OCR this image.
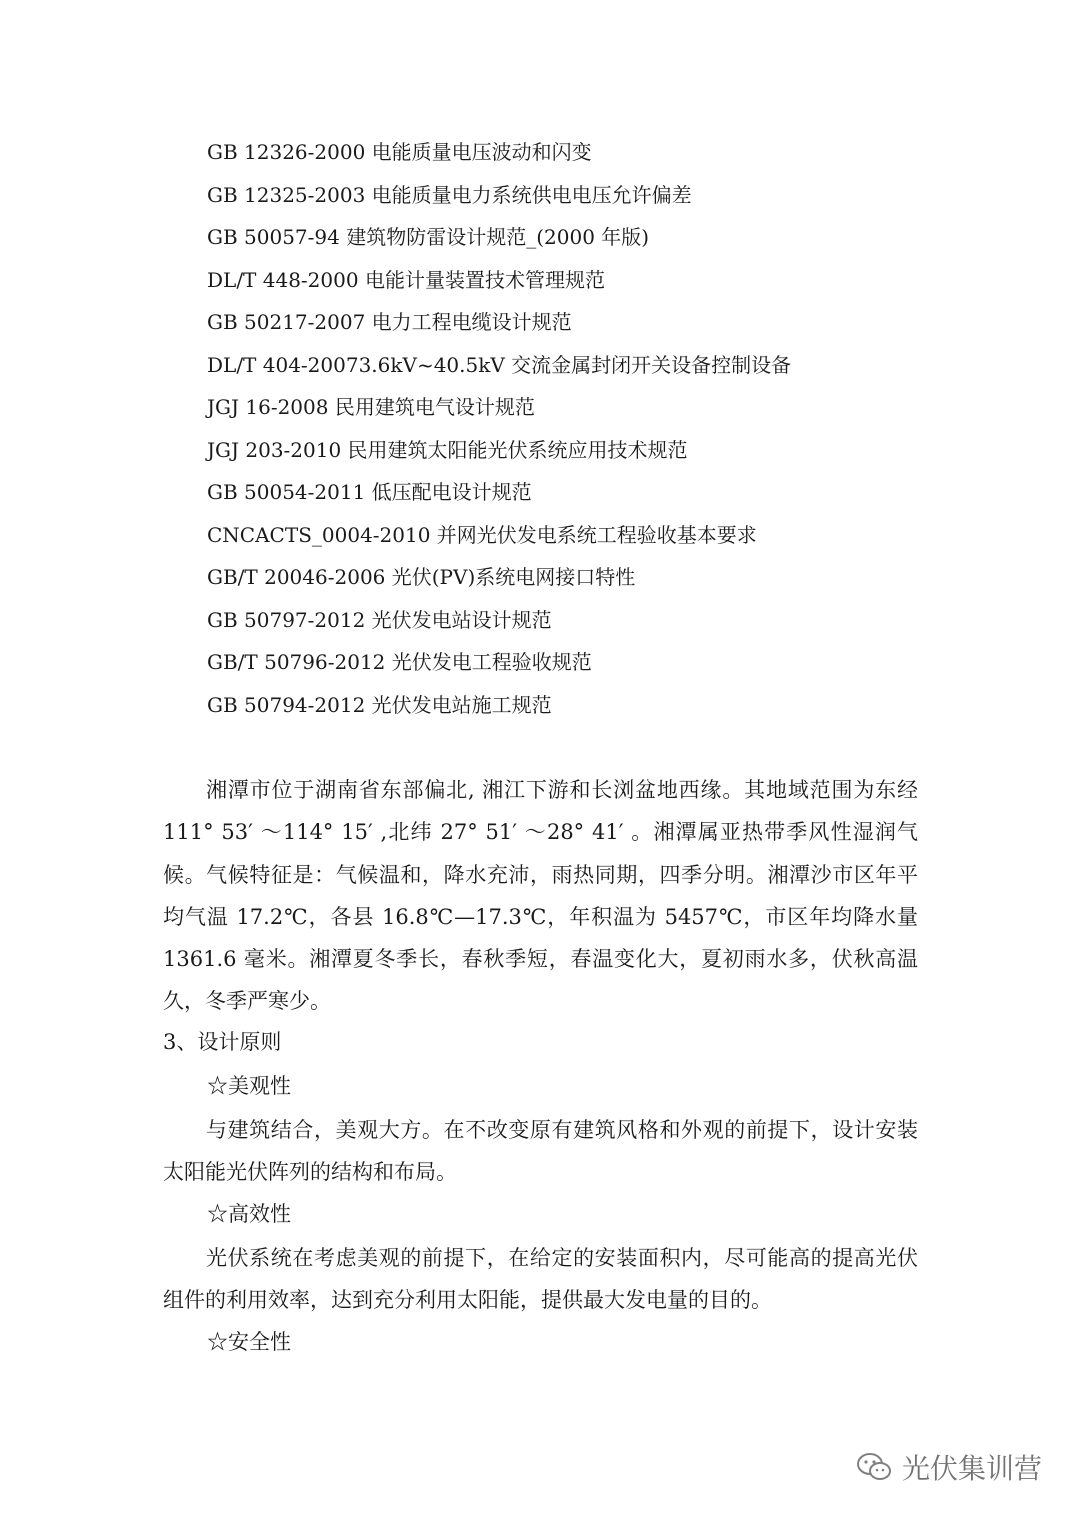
GB 12326-2000 电能质量电压波动和闪变
GB 12325-2003 电能质量电力系统供电电压允许偏差
GB 50057-94 建筑物防雷设计规范_(2000 年版)
DL/T 448-2000 电能计量装置技术管理规范
GB 50217-2007 电力工程电缆设计规范
DL/T 404-20073.6kV~40.5kV 交流金属封闭开关设备控制设备
JGJ 16-2008 民用建筑电气设计规范
JGJ 203-2010 民用建筑太阳能光伏系统应用技术规范
GB 50054-2011 低压配电设计规范
CNCACTS_0004-2010 并网光伏发电系统工程验收基本要求
GB/T 20046-2006 光伏(PV)系统电网接口特性
GB 50797-2012 光伏发电站设计规范
GB/T 50796-2012 光伏发电工程验收规范
GB 50794-2012 光伏发电站施工规范

湘潭市位于湖南省东部偏北, 湘江下游和长浏盆地西缘。其地域范围为东经 111° 53′ ～114° 15′ ,北纬 27° 51′ ～28° 41′ 。湘潭属亚热带季风性湿润气候。气候特征是：气候温和，降水充沛，雨热同期，四季分明。湘潭沙市区年平均气温 17.2℃，各县 16.8℃—17.3℃，年积温为 5457℃，市区年均降水量 1361.6 毫米。湘潭夏冬季长，春秋季短，春温变化大，夏初雨水多，伏秋高温久，冬季严寒少。

3、设计原则

☆美观性

与建筑结合，美观大方。在不改变原有建筑风格和外观的前提下，设计安装太阳能光伏阵列的结构和布局。

☆高效性

光伏系统在考虑美观的前提下，在给定的安装面积内，尽可能高的提高光伏组件的利用效率，达到充分利用太阳能，提供最大发电量的目的。

☆安全性

光伏集训营
